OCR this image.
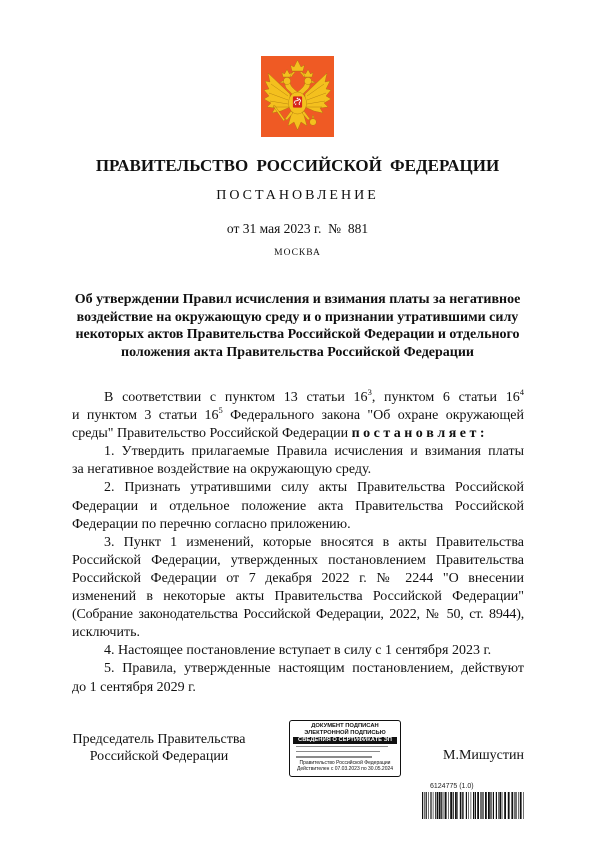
ПРАВИТЕЛЬСТВО РОССИЙСКОЙ ФЕДЕРАЦИИ
ПОСТАНОВЛЕНИЕ
от 31 мая 2023 г.  №  881
МОСКВА
Об утверждении Правил исчисления и взимания платы за негативное
воздействие на окружающую среду и о признании утратившими силу
некоторых актов Правительства Российской Федерации и отдельного
положения акта Правительства Российской Федерации
В соответствии с пунктом 13 статьи $16^3$, пунктом 6 статьи $16^4$
и пунктом 3 статьи $16^5$ Федерального закона "Об охране окружающей
среды" Правительство Российской Федерации п о с т а н о в л я е т :
1. Утвердить прилагаемые Правила исчисления и взимания платы
за негативное воздействие на окружающую среду.
2. Признать утратившими силу акты Правительства Российской
Федерации и отдельное положение акта Правительства Российской
Федерации по перечню согласно приложению.
3. Пункт 1 изменений, которые вносятся в акты Правительства
Российской Федерации, утвержденных постановлением Правительства
Российской Федерации от 7 декабря 2022 г. № 2244 "О внесении
изменений в некоторые акты Правительства Российской Федерации"
(Собрание законодательства Российской Федерации, 2022, № 50, ст. 8944),
исключить.
4. Настоящее постановление вступает в силу с 1 сентября 2023 г.
5. Правила, утвержденные настоящим постановлением, действуют
до 1 сентября 2029 г.
Председатель Правительства
Российской Федерации
ДОКУМЕНТ ПОДПИСАН
ЭЛЕКТРОННОЙ ПОДПИСЬЮ
СВЕДЕНИЯ О СЕРТИФИКАТЕ ЭП
Правительство Российской Федерации
Действителен с 07.03.2023 по 30.05.2024
М.Мишустин
6124775 (1.0)
